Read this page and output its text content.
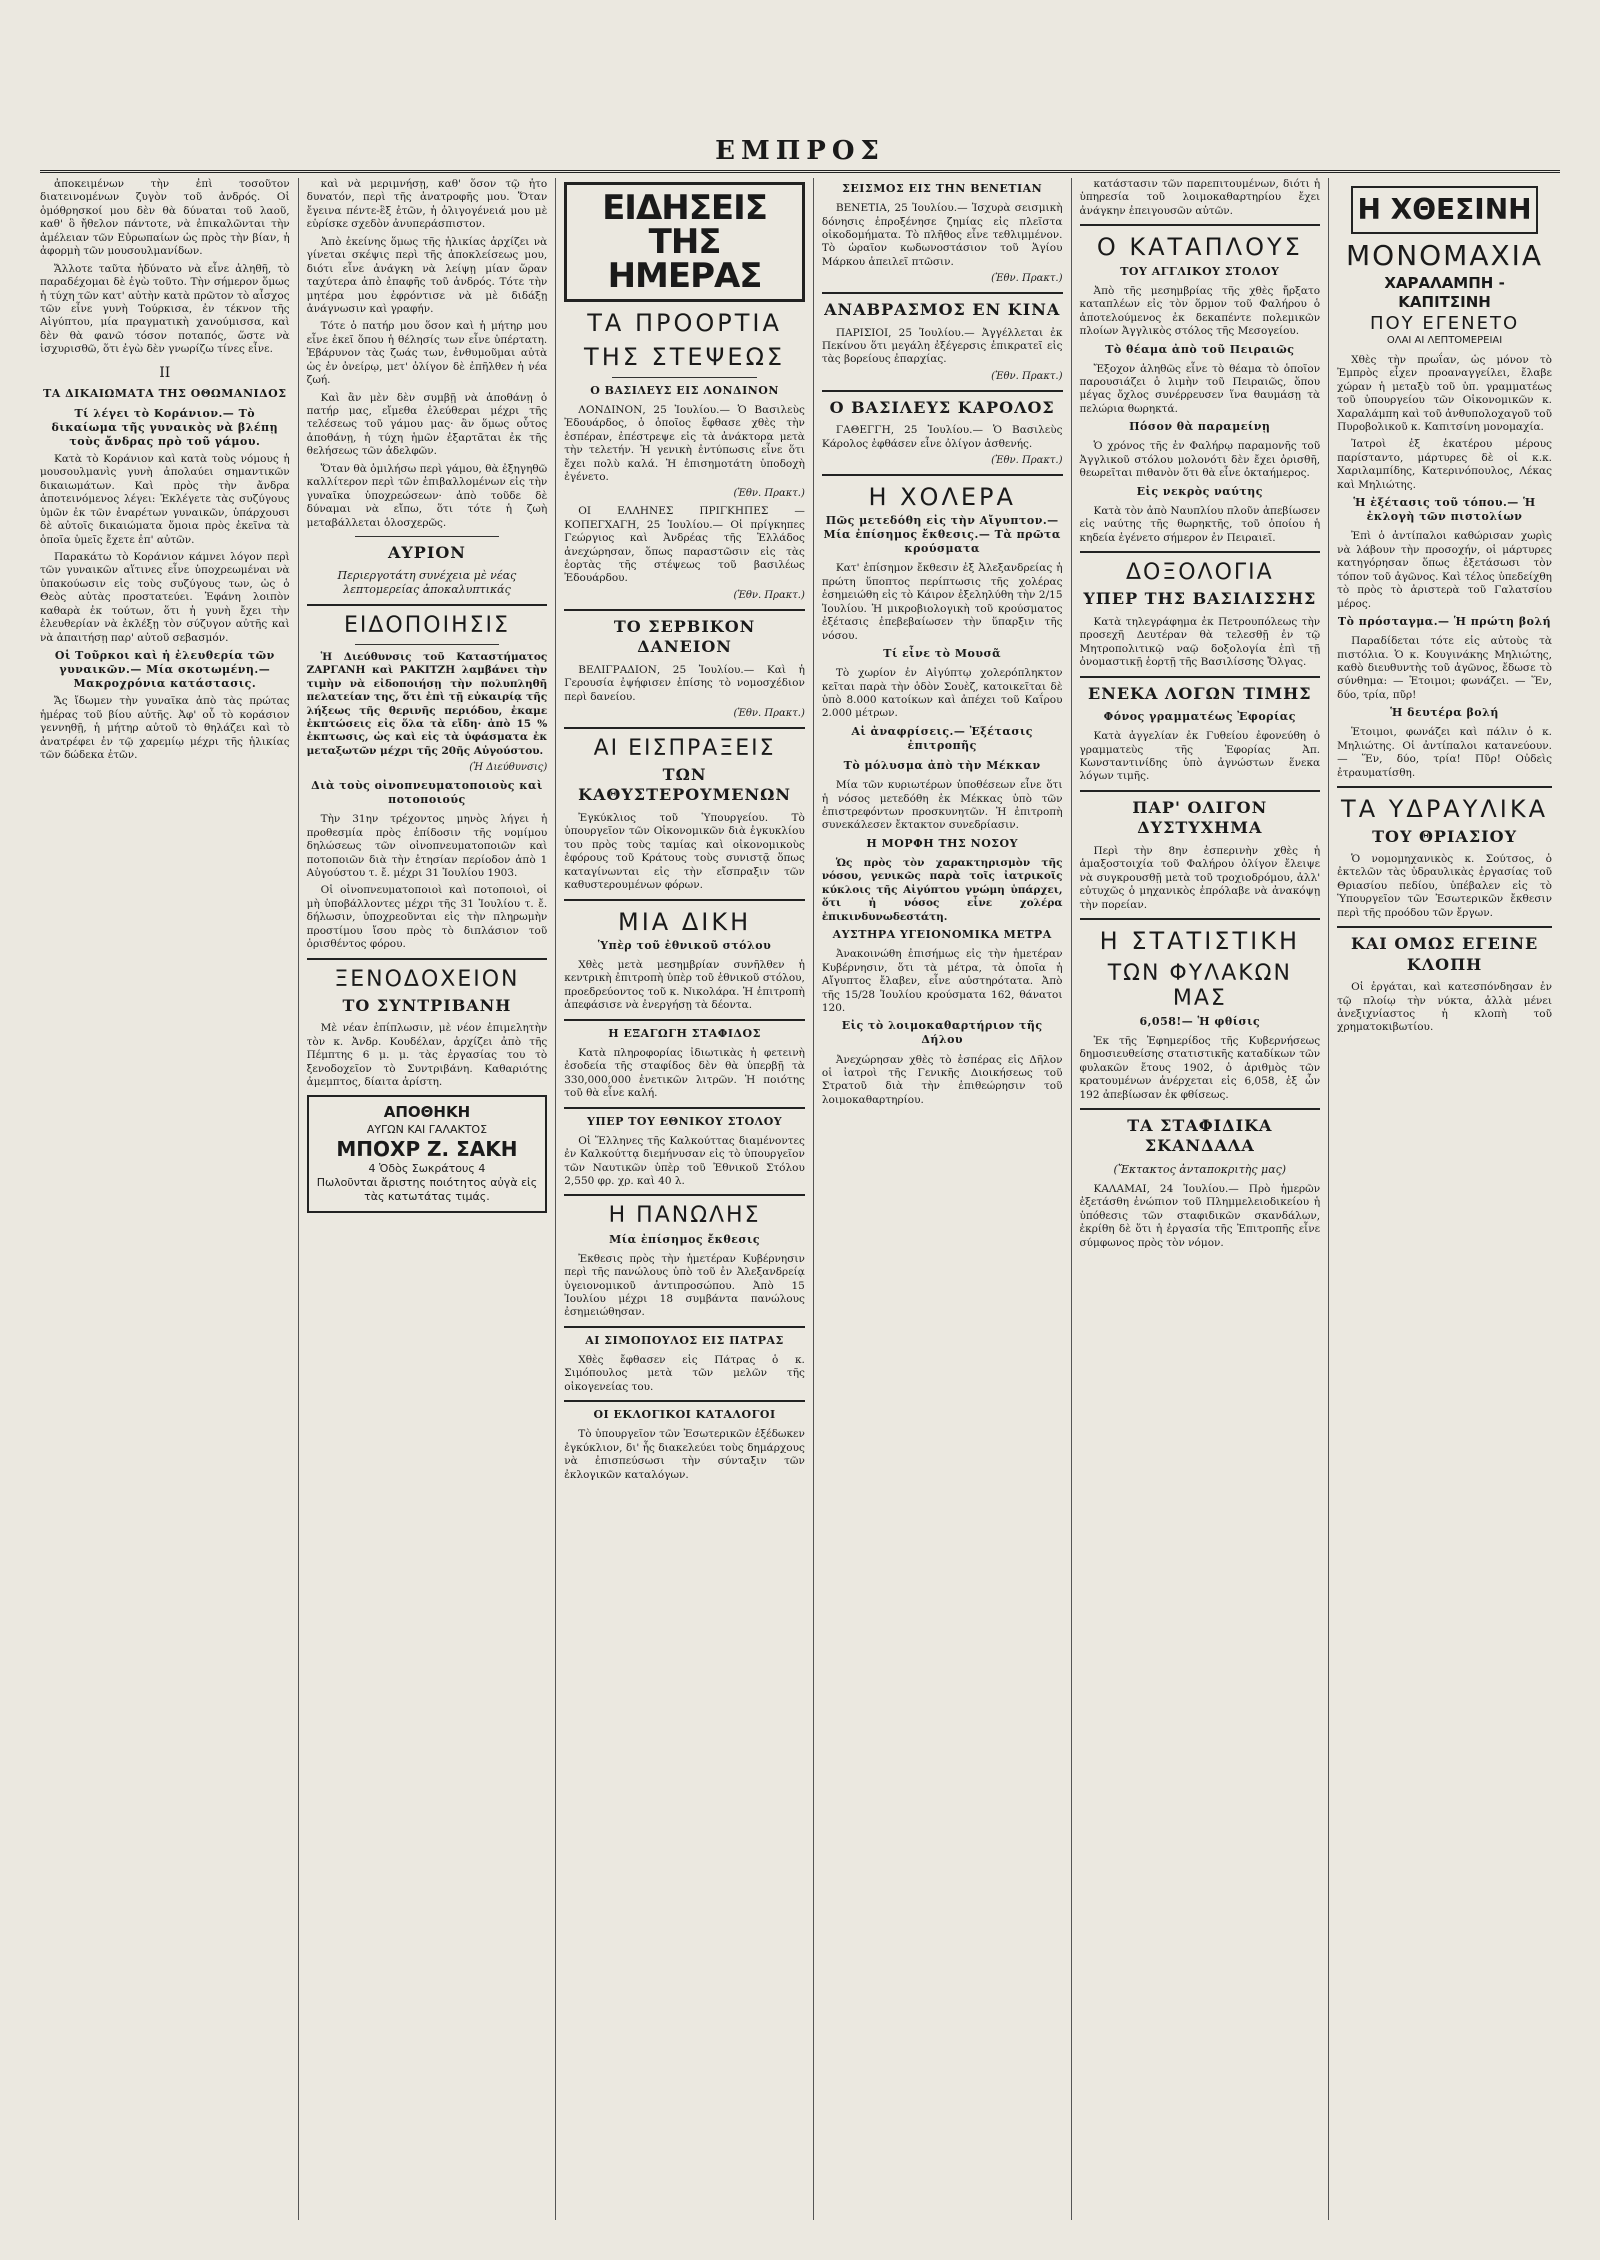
ΕΜΠΡΟΣ

ἀποκειμένων τὴν ἐπὶ τοσοῦτον διατεινομένων ζυγὸν τοῦ ἀνδρός. Οἱ ὁμόθρησκοί μου δὲν θὰ δύναται τοῦ λαοῦ, καθ' ὃ ἤθελον πάντοτε, νὰ ἐπικαλῶνται τὴν ἀμέλειαν τῶν Εὐρωπαίων ὡς πρὸς τὴν βίαν, ἡ ἀφορμὴ τῶν μουσουλμανίδων.

Ἄλλοτε ταῦτα ἠδύνατο νὰ εἶνε ἀληθῆ, τὸ παραδέχομαι δὲ ἐγὼ τοῦτο. Τὴν σήμερον ὅμως ἡ τύχη τῶν κατ' αὐτὴν κατὰ πρῶτον τὸ αἶσχος τῶν εἶνε γυνὴ Τούρκισα, ἐν τέκνον τῆς Αἰγύπτου, μία πραγματικὴ χανούμισσα, καὶ δὲν θὰ φανῶ τόσον ποταπός, ὥστε νὰ ἰσχυρισθῶ, ὅτι ἐγὼ δὲν γνωρίζω τίνες εἶνε.

ΙΙ
ΤΑ ΔΙΚΑΙΩΜΑΤΑ ΤΗΣ ΟΘΩΜΑΝΙΔΟΣ

Τί λέγει τὸ Κοράνιον.— Τὸ δικαίωμα τῆς γυναικὸς νὰ βλέπῃ τοὺς ἄνδρας πρὸ τοῦ γάμου.

Κατὰ τὸ Κοράνιον καὶ κατὰ τοὺς νόμους ἡ μουσουλμανὶς γυνὴ ἀπολαύει σημαντικῶν δικαιωμάτων. Καὶ πρὸς τὴν ἄνδρα ἀποτεινόμενος λέγει: Ἐκλέγετε τὰς συζύγους ὑμῶν ἐκ τῶν ἐναρέτων γυναικῶν, ὑπάρχουσι δὲ αὐτοῖς δικαιώματα ὅμοια πρὸς ἐκεῖνα τὰ ὁποῖα ὑμεῖς ἔχετε ἐπ' αὐτῶν.

Παρακάτω τὸ Κοράνιον κάμνει λόγον περὶ τῶν γυναικῶν αἵτινες εἶνε ὑποχρεωμέναι νὰ ὑπακούωσιν εἰς τοὺς συζύγους των, ὡς ὁ Θεὸς αὐτὰς προστατεύει. Ἐφάνη λοιπὸν καθαρὰ ἐκ τούτων, ὅτι ἡ γυνὴ ἔχει τὴν ἐλευθερίαν νὰ ἐκλέξῃ τὸν σύζυγον αὐτῆς καὶ νὰ ἀπαιτήσῃ παρ' αὐτοῦ σεβασμόν.

Οἱ Τοῦρκοι καὶ ἡ ἐλευθερία τῶν γυναικῶν.— Μία σκοτωμένη.— Μακροχρόνια κατάστασις.

Ἄς ἴδωμεν τὴν γυναῖκα ἀπὸ τὰς πρώτας ἡμέρας τοῦ βίου αὐτῆς. Ἀφ' οὗ τὸ κοράσιον γεννηθῇ, ἡ μήτηρ αὐτοῦ τὸ θηλάζει καὶ τὸ ἀνατρέφει ἐν τῷ χαρεμίῳ μέχρι τῆς ἡλικίας τῶν δώδεκα ἐτῶν.

καὶ νὰ μεριμνήσῃ, καθ' ὅσον τῷ ἦτο δυνατόν, περὶ τῆς ἀνατροφῆς μου. Ὅταν ἔγεινα πέντε-ἓξ ἐτῶν, ἡ ὀλιγογένειά μου μὲ εὑρίσκε σχεδὸν ἀνυπεράσπιστον.

Ἀπὸ ἐκείνης ὅμως τῆς ἡλικίας ἀρχίζει νὰ γίνεται σκέψις περὶ τῆς ἀποκλείσεως μου, διότι εἶνε ἀνάγκη νὰ λείψῃ μίαν ὥραν ταχύτερα ἀπὸ ἐπαφῆς τοῦ ἀνδρός. Τότε τὴν μητέρα μου ἐφρόντισε νὰ μὲ διδάξῃ ἀνάγνωσιν καὶ γραφήν.

Τότε ὁ πατήρ μου ὅσον καὶ ἡ μήτηρ μου εἶνε ἐκεῖ ὅπου ἡ θέλησίς των εἶνε ὑπέρτατη. Ἐβάρυνον τὰς ζωάς των, ἐνθυμοῦμαι αὐτὰ ὡς ἐν ὀνείρῳ, μετ' ὀλίγον δὲ ἐπῆλθεν ἡ νέα ζωή.

Καὶ ἂν μὲν δὲν συμβῇ νὰ ἀποθάνῃ ὁ πατήρ μας, εἴμεθα ἐλεύθεραι μέχρι τῆς τελέσεως τοῦ γάμου μας· ἂν ὅμως οὗτος ἀποθάνῃ, ἡ τύχη ἡμῶν ἐξαρτᾶται ἐκ τῆς θελήσεως τῶν ἀδελφῶν.

Ὅταν θὰ ὁμιλήσω περὶ γάμου, θὰ ἐξηγηθῶ καλλίτερον περὶ τῶν ἐπιβαλλομένων εἰς τὴν γυναῖκα ὑποχρεώσεων· ἀπὸ τοῦδε δὲ δύναμαι νὰ εἴπω, ὅτι τότε ἡ ζωὴ μεταβάλλεται ὁλοσχερῶς.

ΑΥΡΙΟΝ
Περιεργοτάτη συνέχεια μὲ νέας λεπτομερείας ἀποκαλυπτικάς
ΕΙΔΟΠΟΙΗΣΙΣ

Ἡ Διεύθυνσις τοῦ Καταστήματος ΖΑΡΓΑΝΗ καὶ ΡΑΚΙΤΖΗ λαμβάνει τὴν τιμὴν νὰ εἰδοποιήσῃ τὴν πολυπληθῆ πελατείαν της, ὅτι ἐπὶ τῇ εὐκαιρίᾳ τῆς λήξεως τῆς θερινῆς περιόδου, ἐκαμε ἐκπτώσεις εἰς ὅλα τὰ εἴδη· ἀπὸ 15 % ἐκπτωσις, ὡς καὶ εἰς τὰ ὑφάσματα ἐκ μεταξωτῶν μέχρι τῆς 20ῆς Αὐγούστου.

(Ἡ Διεύθυνσις)
Διὰ τοὺς οἰνοπνευματοποιοὺς καὶ ποτοποιούς

Τὴν 31ην τρέχοντος μηνὸς λήγει ἡ προθεσμία πρὸς ἐπίδοσιν τῆς νομίμου δηλώσεως τῶν οἰνοπνευματοποιῶν καὶ ποτοποιῶν διὰ τὴν ἐτησίαν περίοδον ἀπὸ 1 Αὐγούστου τ. ἔ. μέχρι 31 Ἰουλίου 1903.

Οἱ οἰνοπνευματοποιοὶ καὶ ποτοποιοὶ, οἱ μὴ ὑποβάλλοντες μέχρι τῆς 31 Ἰουλίου τ. ἔ. δήλωσιν, ὑποχρεοῦνται εἰς τὴν πληρωμὴν προστίμου ἴσου πρὸς τὸ διπλάσιον τοῦ ὁρισθέντος φόρου.

ΞΕΝΟΔΟΧΕΙΟΝ
ΤΟ ΣΥΝΤΡΙΒΑΝΗ

Μὲ νέαν ἐπίπλωσιν, μὲ νέον ἐπιμελητὴν τὸν κ. Ἀνδρ. Κουδέλαν, ἀρχίζει ἀπὸ τῆς Πέμπτης 6 μ. μ. τὰς ἐργασίας του τὸ ξενοδοχεῖον τὸ Συντριβάνη. Καθαριότης ἀμεμπτος, δίαιτα ἀρίστη.

ΑΠΟΘΗΚΗ
ΑΥΓΩΝ ΚΑΙ ΓΑΛΑΚΤΟΣ
ΜΠΟΧΡ Ζ. ΣΑΚΗ
4 Ὁδὸς Σωκράτους 4
Πωλοῦνται ἄριστης ποιότητος αὐγὰ εἰς τὰς κατωτάτας τιμάς.
ΕΙΔΗΣΕΙΣ ΤΗΣ ΗΜΕΡΑΣ
ΤΑ ΠΡΟΟΡΤΙΑ
ΤΗΣ ΣΤΕΨΕΩΣ
Ο ΒΑΣΙΛΕΥΣ ΕΙΣ ΛΟΝΔΙΝΟΝ

ΛΟΝΔΙΝΟΝ, 25 Ἰουλίου.— Ὁ Βασιλεὺς Ἐδουάρδος, ὁ ὁποῖος ἔφθασε χθὲς τὴν ἑσπέραν, ἐπέστρεψε εἰς τὰ ἀνάκτορα μετὰ τὴν τελετήν. Ἡ γενικὴ ἐντύπωσις εἶνε ὅτι ἔχει πολὺ καλά. Ἡ ἐπισημοτάτη ὑποδοχὴ ἐγένετο.

(Ἐθν. Πρακτ.)

ΟΙ ΕΛΛΗΝΕΣ ΠΡΙΓΚΗΠΕΣ — ΚΟΠΕΓΧΑΓΗ, 25 Ἰουλίου.— Οἱ πρίγκηπες Γεώργιος καὶ Ἀνδρέας τῆς Ἑλλάδος ἀνεχώρησαν, ὅπως παραστῶσιν εἰς τὰς ἑορτὰς τῆς στέψεως τοῦ βασιλέως Ἐδουάρδου.

(Ἐθν. Πρακτ.)
ΤΟ ΣΕΡΒΙΚΟΝ ΔΑΝΕΙΟΝ

ΒΕΛΙΓΡΑΔΙΟΝ, 25 Ἰουλίου.— Καὶ ἡ Γερουσία ἐψήφισεν ἐπίσης τὸ νομοσχέδιον περὶ δανείου.

(Ἐθν. Πρακτ.)
ΑΙ ΕΙΣΠΡΑΞΕΙΣ
ΤΩΝ ΚΑΘΥΣΤΕΡΟΥΜΕΝΩΝ

Ἐγκύκλιος τοῦ Ὑπουργείου. Τὸ ὑπουργεῖον τῶν Οἰκονομικῶν διὰ ἐγκυκλίου του πρὸς τοὺς ταμίας καὶ οἰκονομικοὺς ἐφόρους τοῦ Κράτους τοὺς συνιστᾷ ὅπως καταγίνωνται εἰς τὴν εἴσπραξιν τῶν καθυστερουμένων φόρων.

ΜΙΑ ΔΙΚΗ
Ὑπὲρ τοῦ ἐθνικοῦ στόλου

Χθὲς μετὰ μεσημβρίαν συνῆλθεν ἡ κεντρικὴ ἐπιτροπὴ ὑπὲρ τοῦ ἐθνικοῦ στόλου, προεδρεύοντος τοῦ κ. Νικολάρα. Ἡ ἐπιτροπὴ ἀπεφάσισε νὰ ἐνεργήσῃ τὰ δέοντα.

Η ΕΞΑΓΩΓΗ ΣΤΑΦΙΔΟΣ

Κατὰ πληροφορίας ἰδιωτικὰς ἡ φετεινὴ ἐσοδεία τῆς σταφίδος δὲν θὰ ὑπερβῇ τὰ 330,000,000 ἑνετικῶν λιτρῶν. Ἡ ποιότης τοῦ θὰ εἶνε καλή.

ΥΠΕΡ ΤΟΥ ΕΘΝΙΚΟΥ ΣΤΟΛΟΥ

Οἱ Ἕλληνες τῆς Καλκούττας διαμένοντες ἐν Καλκούττᾳ διεμήνυσαν εἰς τὸ ὑπουργεῖον τῶν Ναυτικῶν ὑπὲρ τοῦ Ἐθνικοῦ Στόλου 2,550 φρ. χρ. καὶ 40 λ.

Η ΠΑΝΩΛΗΣ
Μία ἐπίσημος ἔκθεσις

Ἐκθεσις πρὸς τὴν ἡμετέραν Κυβέρνησιν περὶ τῆς πανώλους ὑπὸ τοῦ ἐν Ἀλεξανδρείᾳ ὑγειονομικοῦ ἀντιπροσώπου. Ἀπὸ 15 Ἰουλίου μέχρι 18 συμβάντα πανώλους ἐσημειώθησαν.

ΑΙ ΣΙΜΟΠΟΥΛΟΣ ΕΙΣ ΠΑΤΡΑΣ

Χθὲς ἔφθασεν εἰς Πάτρας ὁ κ. Σιμόπουλος μετὰ τῶν μελῶν τῆς οἰκογενείας του.

ΟΙ ΕΚΛΟΓΙΚΟΙ ΚΑΤΑΛΟΓΟΙ

Τὸ ὑπουργεῖον τῶν Ἐσωτερικῶν ἐξέδωκεν ἐγκύκλιον, δι' ἧς διακελεύει τοὺς δημάρχους νὰ ἐπισπεύσωσι τὴν σύνταξιν τῶν ἐκλογικῶν καταλόγων.

ΣΕΙΣΜΟΣ ΕΙΣ ΤΗΝ ΒΕΝΕΤΙΑΝ

ΒΕΝΕΤΙΑ, 25 Ἰουλίου.— Ἰσχυρὰ σεισμικὴ δόνησις ἐπροξένησε ζημίας εἰς πλεῖστα οἰκοδομήματα. Τὸ πλῆθος εἶνε τεθλιμμένον. Τὸ ὡραῖον κωδωνοστάσιον τοῦ Ἁγίου Μάρκου ἀπειλεῖ πτῶσιν.

(Ἐθν. Πρακτ.)
ΑΝΑΒΡΑΣΜΟΣ ΕΝ ΚΙΝΑ

ΠΑΡΙΣΙΟΙ, 25 Ἰουλίου.— Ἀγγέλλεται ἐκ Πεκίνου ὅτι μεγάλη ἐξέγερσις ἐπικρατεῖ εἰς τὰς βορείους ἐπαρχίας.

(Ἐθν. Πρακτ.)
Ο ΒΑΣΙΛΕΥΣ ΚΑΡΟΛΟΣ

ΓΑΘΕΓΓΗ, 25 Ἰουλίου.— Ὁ Βασιλεὺς Κάρολος ἐφθάσεν εἶνε ὀλίγον ἀσθενής.

(Ἐθν. Πρακτ.)
Η ΧΟΛΕΡΑ
Πῶς μετεδόθη εἰς τὴν Αἴγυπτον.— Μία ἐπίσημος ἔκθεσις.— Τὰ πρῶτα κρούσματα

Κατ' ἐπίσημον ἔκθεσιν ἐξ Ἀλεξανδρείας ἡ πρώτη ὕποπτος περίπτωσις τῆς χολέρας ἐσημειώθη εἰς τὸ Κάιρον ἐξεληλύθη τὴν 2/15 Ἰουλίου. Ἡ μικροβιολογικὴ τοῦ κρούσματος ἐξέτασις ἐπεβεβαίωσεν τὴν ὕπαρξιν τῆς νόσου.

Τί εἶνε τὸ Μουσᾶ

Τὸ χωρίον ἐν Αἰγύπτῳ χολερόπληκτον κεῖται παρὰ τὴν ὁδὸν Σουὲζ, κατοικεῖται δὲ ὑπὸ 8.000 κατοίκων καὶ ἀπέχει τοῦ Καΐρου 2.000 μέτρων.

Αἱ ἀναφρίσεις.— Ἐξέτασις ἐπιτροπῆς
Τὸ μόλυσμα ἀπὸ τὴν Μέκκαν

Μία τῶν κυριωτέρων ὑποθέσεων εἶνε ὅτι ἡ νόσος μετεδόθη ἐκ Μέκκας ὑπὸ τῶν ἐπιστρεφόντων προσκυνητῶν. Ἡ ἐπιτροπὴ συνεκάλεσεν ἔκτακτον συνεδρίασιν.

Η ΜΟΡΦΗ ΤΗΣ ΝΟΣΟΥ

Ὡς πρὸς τὸν χαρακτηρισμὸν τῆς νόσου, γενικῶς παρὰ τοῖς ἰατρικοῖς κύκλοις τῆς Αἰγύπτου γνώμη ὑπάρχει, ὅτι ἡ νόσος εἶνε χολέρα ἐπικινδυνωδεστάτη.

ΑΥΣΤΗΡΑ ΥΓΕΙΟΝΟΜΙΚΑ ΜΕΤΡΑ

Ἀνακοινώθη ἐπισήμως εἰς τὴν ἡμετέραν Κυβέρνησιν, ὅτι τὰ μέτρα, τὰ ὁποῖα ἡ Αἴγυπτος ἔλαβεν, εἶνε αὐστηρότατα. Ἀπὸ τῆς 15/28 Ἰουλίου κρούσματα 162, θάνατοι 120.

Εἰς τὸ λοιμοκαθαρτήριον τῆς Δήλου

Ἀνεχώρησαν χθὲς τὸ ἑσπέρας εἰς Δῆλον οἱ ἰατροὶ τῆς Γενικῆς Διοικήσεως τοῦ Στρατοῦ διὰ τὴν ἐπιθεώρησιν τοῦ λοιμοκαθαρτηρίου.

κατάστασιν τῶν παρεπιτουμένων, διότι ἡ ὑπηρεσία τοῦ λοιμοκαθαρτηρίου ἔχει ἀνάγκην ἐπειγουσῶν αὐτῶν.

Ο ΚΑΤΑΠΛΟΥΣ
ΤΟΥ ΑΓΓΛΙΚΟΥ ΣΤΟΛΟΥ

Ἀπὸ τῆς μεσημβρίας τῆς χθὲς ἤρξατο καταπλέων εἰς τὸν ὅρμον τοῦ Φαλήρου ὁ ἀποτελούμενος ἐκ δεκαπέντε πολεμικῶν πλοίων Ἀγγλικὸς στόλος τῆς Μεσογείου.

Τὸ θέαμα ἀπὸ τοῦ Πειραιῶς

Ἔξοχον ἀληθῶς εἶνε τὸ θέαμα τὸ ὁποῖον παρουσιάζει ὁ λιμὴν τοῦ Πειραιῶς, ὅπου μέγας ὄχλος συνέρρευσεν ἵνα θαυμάσῃ τὰ πελώρια θωρηκτά.

Πόσον θὰ παραμείνῃ

Ὁ χρόνος τῆς ἐν Φαλήρῳ παραμονῆς τοῦ Ἀγγλικοῦ στόλου μολονότι δὲν ἔχει ὁρισθῆ, θεωρεῖται πιθανὸν ὅτι θὰ εἶνε ὀκταήμερος.

Εἰς νεκρὸς ναύτης

Κατὰ τὸν ἀπὸ Ναυπλίου πλοῦν ἀπεβίωσεν εἰς ναύτης τῆς θωρηκτῆς, τοῦ ὁποίου ἡ κηδεία ἐγένετο σήμερον ἐν Πειραιεῖ.

ΔΟΞΟΛΟΓΙΑ
ΥΠΕΡ ΤΗΣ ΒΑΣΙΛΙΣΣΗΣ

Κατὰ τηλεγράφημα ἐκ Πετρουπόλεως τὴν προσεχῆ Δευτέραν θὰ τελεσθῇ ἐν τῷ Μητροπολιτικῷ ναῷ δοξολογία ἐπὶ τῇ ὀνομαστικῇ ἑορτῇ τῆς Βασιλίσσης Ὄλγας.

ΕΝΕΚΑ ΛΟΓΩΝ ΤΙΜΗΣ
Φόνος γραμματέως Ἐφορίας

Κατὰ ἀγγελίαν ἐκ Γυθείου ἐφονεύθη ὁ γραμματεὺς τῆς Ἐφορίας Ἀπ. Κωνσταντινίδης ὑπὸ ἀγνώστων ἕνεκα λόγων τιμῆς.

ΠΑΡ' ΟΛΙΓΟΝ ΔΥΣΤΥΧΗΜΑ

Περὶ τὴν 8ην ἐσπερινὴν χθὲς ἡ ἁμαξοστοιχία τοῦ Φαλήρου ὀλίγον ἔλειψε νὰ συγκρουσθῇ μετὰ τοῦ τροχιοδρόμου, ἀλλ' εὐτυχῶς ὁ μηχανικὸς ἐπρόλαβε νὰ ἀνακόψῃ τὴν πορείαν.

Η ΣΤΑΤΙΣΤΙΚΗ
ΤΩΝ ΦΥΛΑΚΩΝ ΜΑΣ
6,058!— Ἡ φθίσις

Ἐκ τῆς Ἐφημερίδος τῆς Κυβερνήσεως δημοσιευθείσης στατιστικῆς καταδίκων τῶν φυλακῶν ἔτους 1902, ὁ ἀριθμὸς τῶν κρατουμένων ἀνέρχεται εἰς 6,058, ἐξ ὧν 192 ἀπεβίωσαν ἐκ φθίσεως.

ΤΑ ΣΤΑΦΙΔΙΚΑ ΣΚΑΝΔΑΛΑ
(Ἔκτακτος ἀνταποκριτὴς μας)

ΚΑΛΑΜΑΙ, 24 Ἰουλίου.— Πρὸ ἡμερῶν ἐξετάσθη ἐνώπιον τοῦ Πλημμελειοδικείου ἡ ὑπόθεσις τῶν σταφιδικῶν σκανδάλων, ἐκρίθη δὲ ὅτι ἡ ἐργασία τῆς Ἐπιτροπῆς εἶνε σύμφωνος πρὸς τὸν νόμον.

Η ΧΘΕΣΙΝΗ
ΜΟΝΟΜΑΧΙΑ
ΧΑΡΑΛΑΜΠΗ - ΚΑΠΙΤΣΙΝΗ
ΠΟΥ ΕΓΕΝΕΤΟ
ΟΛΑΙ ΑΙ ΛΕΠΤΟΜΕΡΕΙΑΙ

Χθὲς τὴν πρωΐαν, ὡς μόνον τὸ Ἐμπρὸς εἶχεν προαναγγείλει, ἔλαβε χώραν ἡ μεταξὺ τοῦ ὑπ. γραμματέως τοῦ ὑπουργείου τῶν Οἰκονομικῶν κ. Χαραλάμπη καὶ τοῦ ἀνθυπολοχαγοῦ τοῦ Πυροβολικοῦ κ. Καπιτσίνη μονομαχία.

Ἰατροὶ ἐξ ἑκατέρου μέρους παρίσταντο, μάρτυρες δὲ οἱ κ.κ. Χαριλαμπίδης, Κατερινόπουλος, Λέκας καὶ Μηλιώτης.

Ἡ ἐξέτασις τοῦ τόπου.— Ἡ ἐκλογὴ τῶν πιστολίων

Ἐπὶ ὁ ἀντίπαλοι καθώρισαν χωρὶς νὰ λάβουν τὴν προσοχήν, οἱ μάρτυρες κατηγόρησαν ὅπως ἐξετάσωσι τὸν τόπον τοῦ ἀγῶνος. Καὶ τέλος ὑπεδείχθη τὸ πρὸς τὸ ἀριστερὰ τοῦ Γαλατσίου μέρος.

Τὸ πρόσταγμα.— Ἡ πρώτη βολή

Παραδίδεται τότε εἰς αὐτοὺς τὰ πιστόλια. Ὁ κ. Κουγινάκης Μηλιώτης, καθὸ διευθυντὴς τοῦ ἀγῶνος, ἔδωσε τὸ σύνθημα: — Ἑτοιμοι; φωνάζει. — Ἕν, δύο, τρία, πῦρ!

Ἡ δευτέρα βολή

Ἑτοιμοι, φωνάζει καὶ πάλιν ὁ κ. Μηλιώτης. Οἱ ἀντίπαλοι κατανεύουν. — Ἕν, δύο, τρία! Πῦρ! Οὐδεὶς ἐτραυματίσθη.

ΤΑ ΥΔΡΑΥΛΙΚΑ
ΤΟΥ ΘΡΙΑΣΙΟΥ

Ὁ νομομηχανικὸς κ. Σούτσος, ὁ ἐκτελῶν τὰς ὑδραυλικὰς ἐργασίας τοῦ Θριασίου πεδίου, ὑπέβαλεν εἰς τὸ Ὑπουργεῖον τῶν Ἐσωτερικῶν ἔκθεσιν περὶ τῆς προόδου τῶν ἔργων.

ΚΑΙ ΟΜΩΣ ΕΓΕΙΝΕ ΚΛΟΠΗ

Οἱ ἐργάται, καὶ κατεσπόνδησαν ἐν τῷ πλοίῳ τὴν νύκτα, ἀλλὰ μένει ἀνεξιχνίαστος ἡ κλοπὴ τοῦ χρηματοκιβωτίου.
